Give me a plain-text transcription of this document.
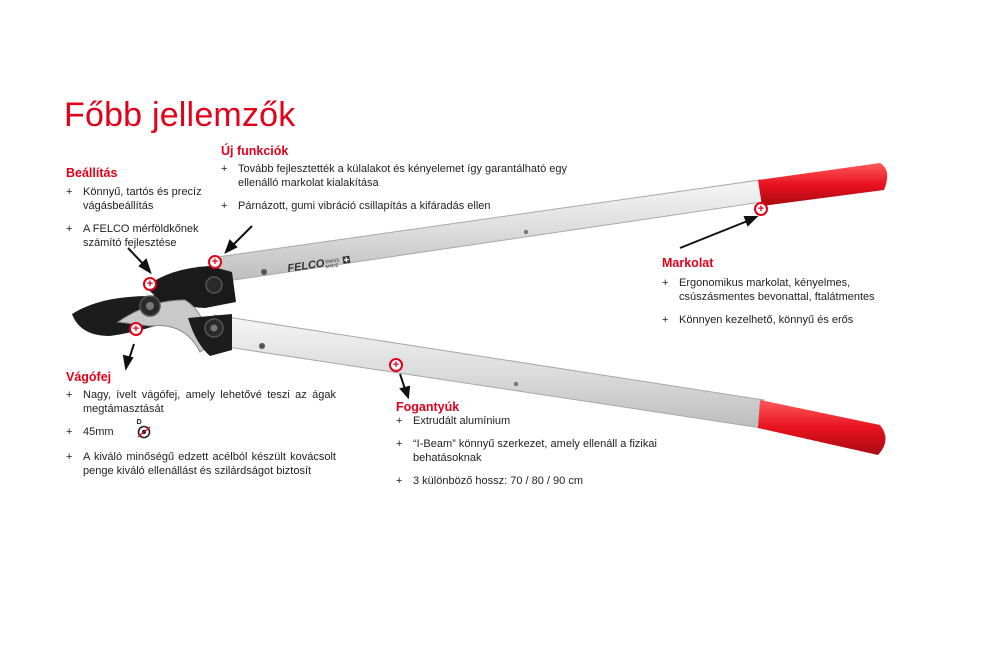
FELCO SWISS
MADE
Főbb jellemzők
+
+
+
+
+
Beállítás
+ Könnyű, tartós és precíz vágásbeállítás
+ A FELCO mérföldkőnek számító fejlesztése
Új funkciók
+ Tovább fejlesztették a külalakot és kényelemet így garantálható egy ellenálló markolat kialakítása
+ Párnázott, gumi vibráció csillapítás a kifáradás ellen
Markolat
+ Ergonomikus markolat, kényelmes, csúszásmentes bevonattal, ftalátmentes
+ Könnyen kezelhető, könnyű és erős
Vágófej
+ Nagy, ívelt vágófej, amely lehetővé teszi az ágak megtámasztását
+ 45mm
D
+ A kiváló minőségű edzett acélból készült kovácsolt penge kiváló ellenállást és szilárdságot biztosít
Fogantyúk
+ Extrudált alumínium
+ “I-Beam” könnyű szerkezet, amely ellenáll a fizikai behatásoknak
+ 3 különböző hossz: 70 / 80 / 90 cm
